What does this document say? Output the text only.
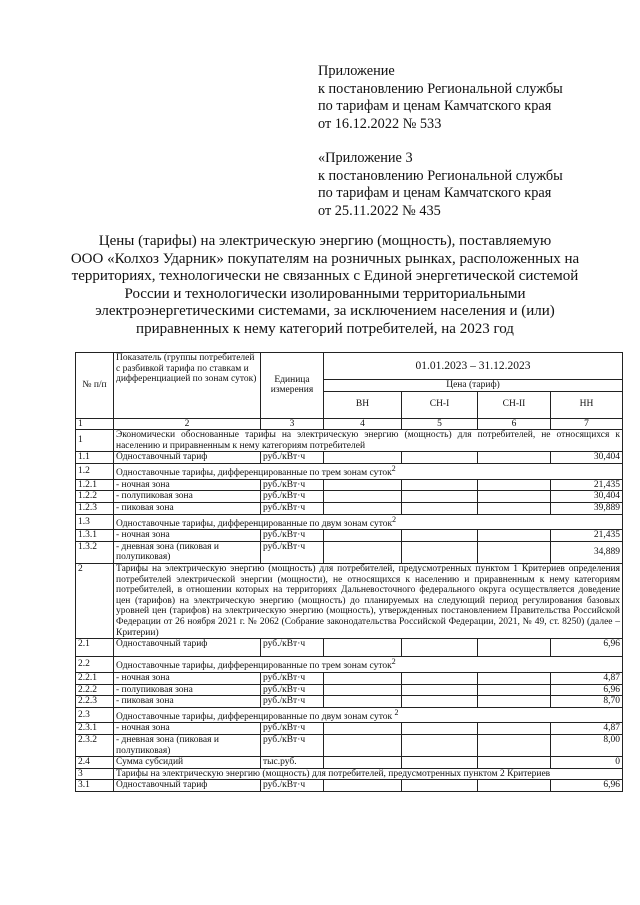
Приложение
к постановлению Региональной службы
по тарифам и ценам Камчатского края
от 16.12.2022 № 533
«Приложение 3
к постановлению Региональной службы
по тарифам и ценам Камчатского края
от 25.11.2022 № 435
Цены (тарифы) на электрическую энергию (мощность), поставляемую
ООО «Колхоз Ударник» покупателям на розничных рынках, расположенных на
территориях, технологически не связанных с Единой энергетической системой
России и технологически изолированными территориальными
электроэнергетическими системами, за исключением населения и (или)
приравненных к нему категорий потребителей, на 2023 год
№ п/п	Показатель (группы потребителей с разбивкой тарифа по ставкам и дифференциацией по зонам суток)	Единица измерения	01.01.2023 – 31.12.2023			
			Цена (тариф)			
			ВН	СН-I	СН-II	НН
1	2	3	4	5	6	7
1	Экономически обоснованные тарифы на электрическую энергию (мощность) для потребителей, не относящихся к населению и приравненным к нему категориям потребителей					
1.1	Одноставочный тариф	руб./кВт·ч				30,404
1.2	Одноставочные тарифы, дифференцированные по трем зонам суток$^2$
1.2.1	- ночная зона	руб./кВт·ч				21,435
1.2.2	- полупиковая зона	руб./кВт·ч				30,404
1.2.3	- пиковая зона	руб./кВт·ч				39,889
1.3	Одноставочные тарифы, дифференцированные по двум зонам суток$^2$
1.3.1	- ночная зона	руб./кВт·ч				21,435
1.3.2	- дневная зона (пиковая и полупиковая)	руб./кВт·ч				34,889
2	Тарифы на электрическую энергию (мощность) для потребителей, предусмотренных пунктом 1 Критериев определения потребителей электрической энергии (мощности), не относящихся к населению и приравненным к нему категориям потребителей, в отношении которых на территориях Дальневосточного федерального округа осуществляется доведение цен (тарифов) на электрическую энергию (мощность) до планируемых на следующий период регулирования базовых уровней цен (тарифов) на электрическую энергию (мощность), утвержденных постановлением Правительства Российской Федерации от 26 ноября 2021 г. № 2062 (Собрание законодательства Российской Федерации, 2021, № 49, ст. 8250) (далее – Критерии)					
2.1	Одноставочный тариф	руб./кВт·ч				6,96
2.2	Одноставочные тарифы, дифференцированные по трем зонам суток$^2$
2.2.1	- ночная зона	руб./кВт·ч				4,87
2.2.2	- полупиковая зона	руб./кВт·ч				6,96
2.2.3	- пиковая зона	руб./кВт·ч				8,70
2.3	Одноставочные тарифы, дифференцированные по двум зонам суток $^2$
2.3.1	- ночная зона	руб./кВт·ч				4,87
2.3.2	- дневная зона (пиковая и полупиковая)	руб./кВт·ч				8,00
2.4	Сумма субсидий	тыс.руб.				0
3	Тарифы на электрическую энергию (мощность) для потребителей, предусмотренных пунктом 2 Критериев					
3.1	Одноставочный тариф	руб./кВт·ч				6,96
